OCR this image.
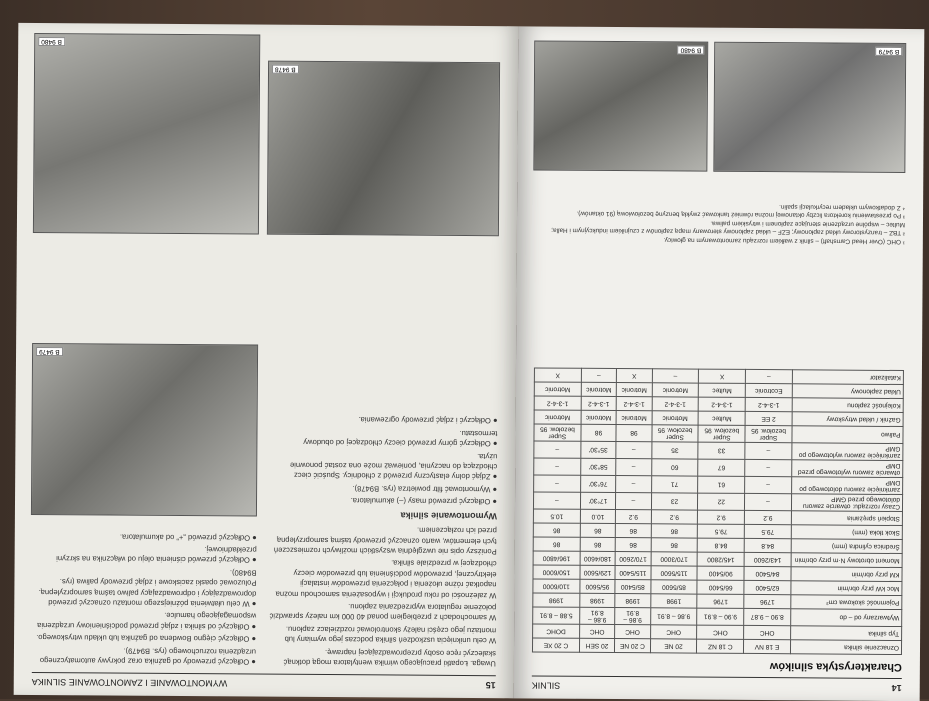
15
WYMONTOWANIE I ZAMONTOWANIE SILNIKA

Uwaga. Łopatki pracującego wirnika wentylatora mogą dotknąć skaleczyć ręce osoby przeprowadzającej naprawę.

W celu uniknięcia uszkodzeń silnika podczas jego wymiany lub montażu jego części należy skontrolować rozdzielacz zapłonu.

W samochodach z przebiegiem ponad 40 000 km należy sprawdzić położenie regulatora wyprzedzania zapłonu.

W zależności od roku produkcji i wyposażenia samochodu można napotkać różne ułożenia i połączenia przewodów instalacji elektrycznej, przewodów podciśnienia lub przewodów cieczy chłodzącej w przedziale silnika.

Poniższy opis nie uwzględnia wszystkich możliwych rozmieszczeń tych elementów, warto oznaczyć przewody taśmą samoprzylepną przed ich rozłączeniem.

Wymontowanie silnika

● Odłączyć przewód masy (–) akumulatora.

● Wymontować filtr powietrza (rys. B9478).

● Zdjąć dolny elastyczny przewód z chłodnicy. Spuścić ciecz chłodzącą do naczynia, ponieważ może ona zostać ponownie użyta.

● Odłączyć górny przewód cieczy chłodzącej od obudowy termostatu.

● Odłączyć i zdjąć przewody ogrzewania.

● Odłączyć przewody od gaźnika oraz pokrywy automatycznego urządzenia rozruchowego (rys. B9479).

● Odłączyć cięgno Bowdena od gaźnika lub układu wtryskowego.

● Odłączyć od silnika i zdjąć przewód podciśnieniowy urządzenia wspomagającego hamulce.

● W celu ułatwienia późniejszego montażu oznaczyć przewód doprowadzający i odprowadzający paliwo taśmą samoprzylepną. Poluzować opaski zaciskowe i zdjąć przewody paliwa (rys. B9480).

● Odłączyć przewód ciśnienia oleju od włącznika na skrzyni przekładniowej.

● Odłączyć przewód „+” od akumulatora.

B 9479
B 9480
B 9478
14
SILNIK
Charakterystyka silników
Oznaczenie silnika	E 18 NV	C 18 NZ	20 NE	C 20 NE	20 SEH	C 20 XE
Typ silnika	OHC	OHC	OHC	OHC	OHC	DOHC
Wytwarzany od – do	8.90 – 9.87	9.90 – 8.91	9.86 – 8.91	9.86 – 8.91	9.86 – 8.91	5.88 – 8.91
Pojemność skokowa cm³	1796	1796	1998	1998	1998	1998
Moc kW przy obr/min	62/5400	66/5400	85/5600	85/5400	95/5600	110/6000
KM przy obr/min	84/5400	90/5400	115/5600	115/5400	129/5600	150/6000
Moment obrotowy N·m przy obr/min	143/2600	145/2800	170/3000	170/2600	180/4600	196/4800
Średnica cylindra (mm)	84.8	84.8	86	86	86	86
Skok tłoka (mm)	79.5	79.5	86	86	86	86
Stopień sprężania	9.2	9.2	9.2	9.2	10.0	10.5
Czasy rozrządu: otwarcie zaworu dolotowego przed GMP	–	22	23	–	17°30'	–
zamknięcie zaworu dolotowego po DMP	–	61	71	–	76°30'	–
otwarcie zaworu wylotowego przed DMP	–	67	60	–	58°30'	–
zamknięcie zaworu wylotowego po GMP	–	33	35	–	35°30'	–
Paliwo	Super bezołow. 95	Super bezołow. 95	Super bezołow. 95	98	98	Super bezołow. 95
Gaźnik / układ wtryskowy	2 EE	Multec	Motronic	Motronic	Motronic	Motronic
Kolejność zapłonu	1-3-4-2	1-3-4-2	1-3-4-2	1-3-4-2	1-3-4-2	1-3-4-2
Układ zapłonowy	Ecotronic	Multec	Motronic	Motronic	Motronic	Motronic
Katalizator	–	X	–	X	–	X
¹ OHC (Over Head Camshaft) – silnik z wałkiem rozrządu zamontowanym na głowicy.
² TBZ – tranzystorowy układ zapłonowy; EZF – układ zapłonowy sterowany mapą zapłonów z czujnikiem indukcyjnym i Halla; Multec – wspólne urządzenie sterujące zapłonem i wtryskiem paliwa.
³ Po przestawieniu korektora liczby oktanowej można również tankować zwykłą benzynę bezołowiową (91 oktanów).
⁴ Z dodatkowym układem recyrkulacji spalin.
B 9479
B 9480
